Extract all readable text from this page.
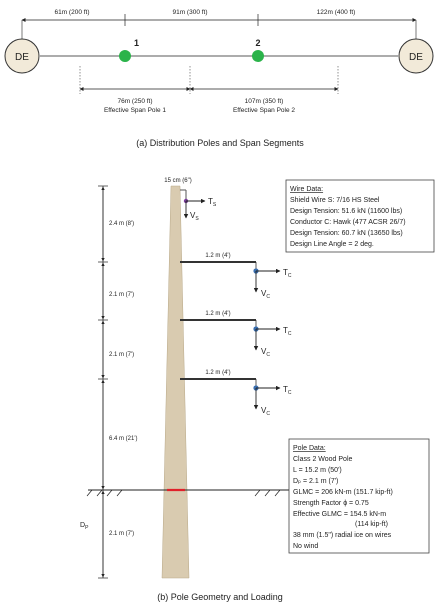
61m (200 ft)	91m (300 ft)	122m (400 ft)
DE	DE
1	2
76m (250 ft)
Effective Span Pole 1
107m (350 ft)
Effective Span Pole 2
(a) Distribution Poles and Span Segments
15 cm (6")
$T_S$
$V_S$
1.2 m (4')
$T_C$
$V_C$
1.2 m (4')
$T_C$
$V_C$
1.2 m (4')
$T_C$
$V_C$
2.4 m (8')
2.1 m (7')
2.1 m (7')
6.4 m (21')
2.1 m (7')
$D_P$
(b) Pole Geometry and Loading
Wire Data:
Shield Wire S: 7/16 HS Steel
Design Tension: 51.6 kN (11600 lbs)
Conductor C: Hawk (477 ACSR 26/7)
Design Tension: 60.7 kN (13650 lbs)
Design Line Angle = 2 deg.
Pole Data:
Class 2 Wood Pole
L = 15.2 m (50')
Dₚ = 2.1 m (7')
GLMC = 206 kN-m (151.7 kip-ft)
Strength Factor ϕ = 0.75
Effective GLMC = 154.5 kN-m
(114 kip-ft)
38 mm (1.5") radial ice on wires
No wind
